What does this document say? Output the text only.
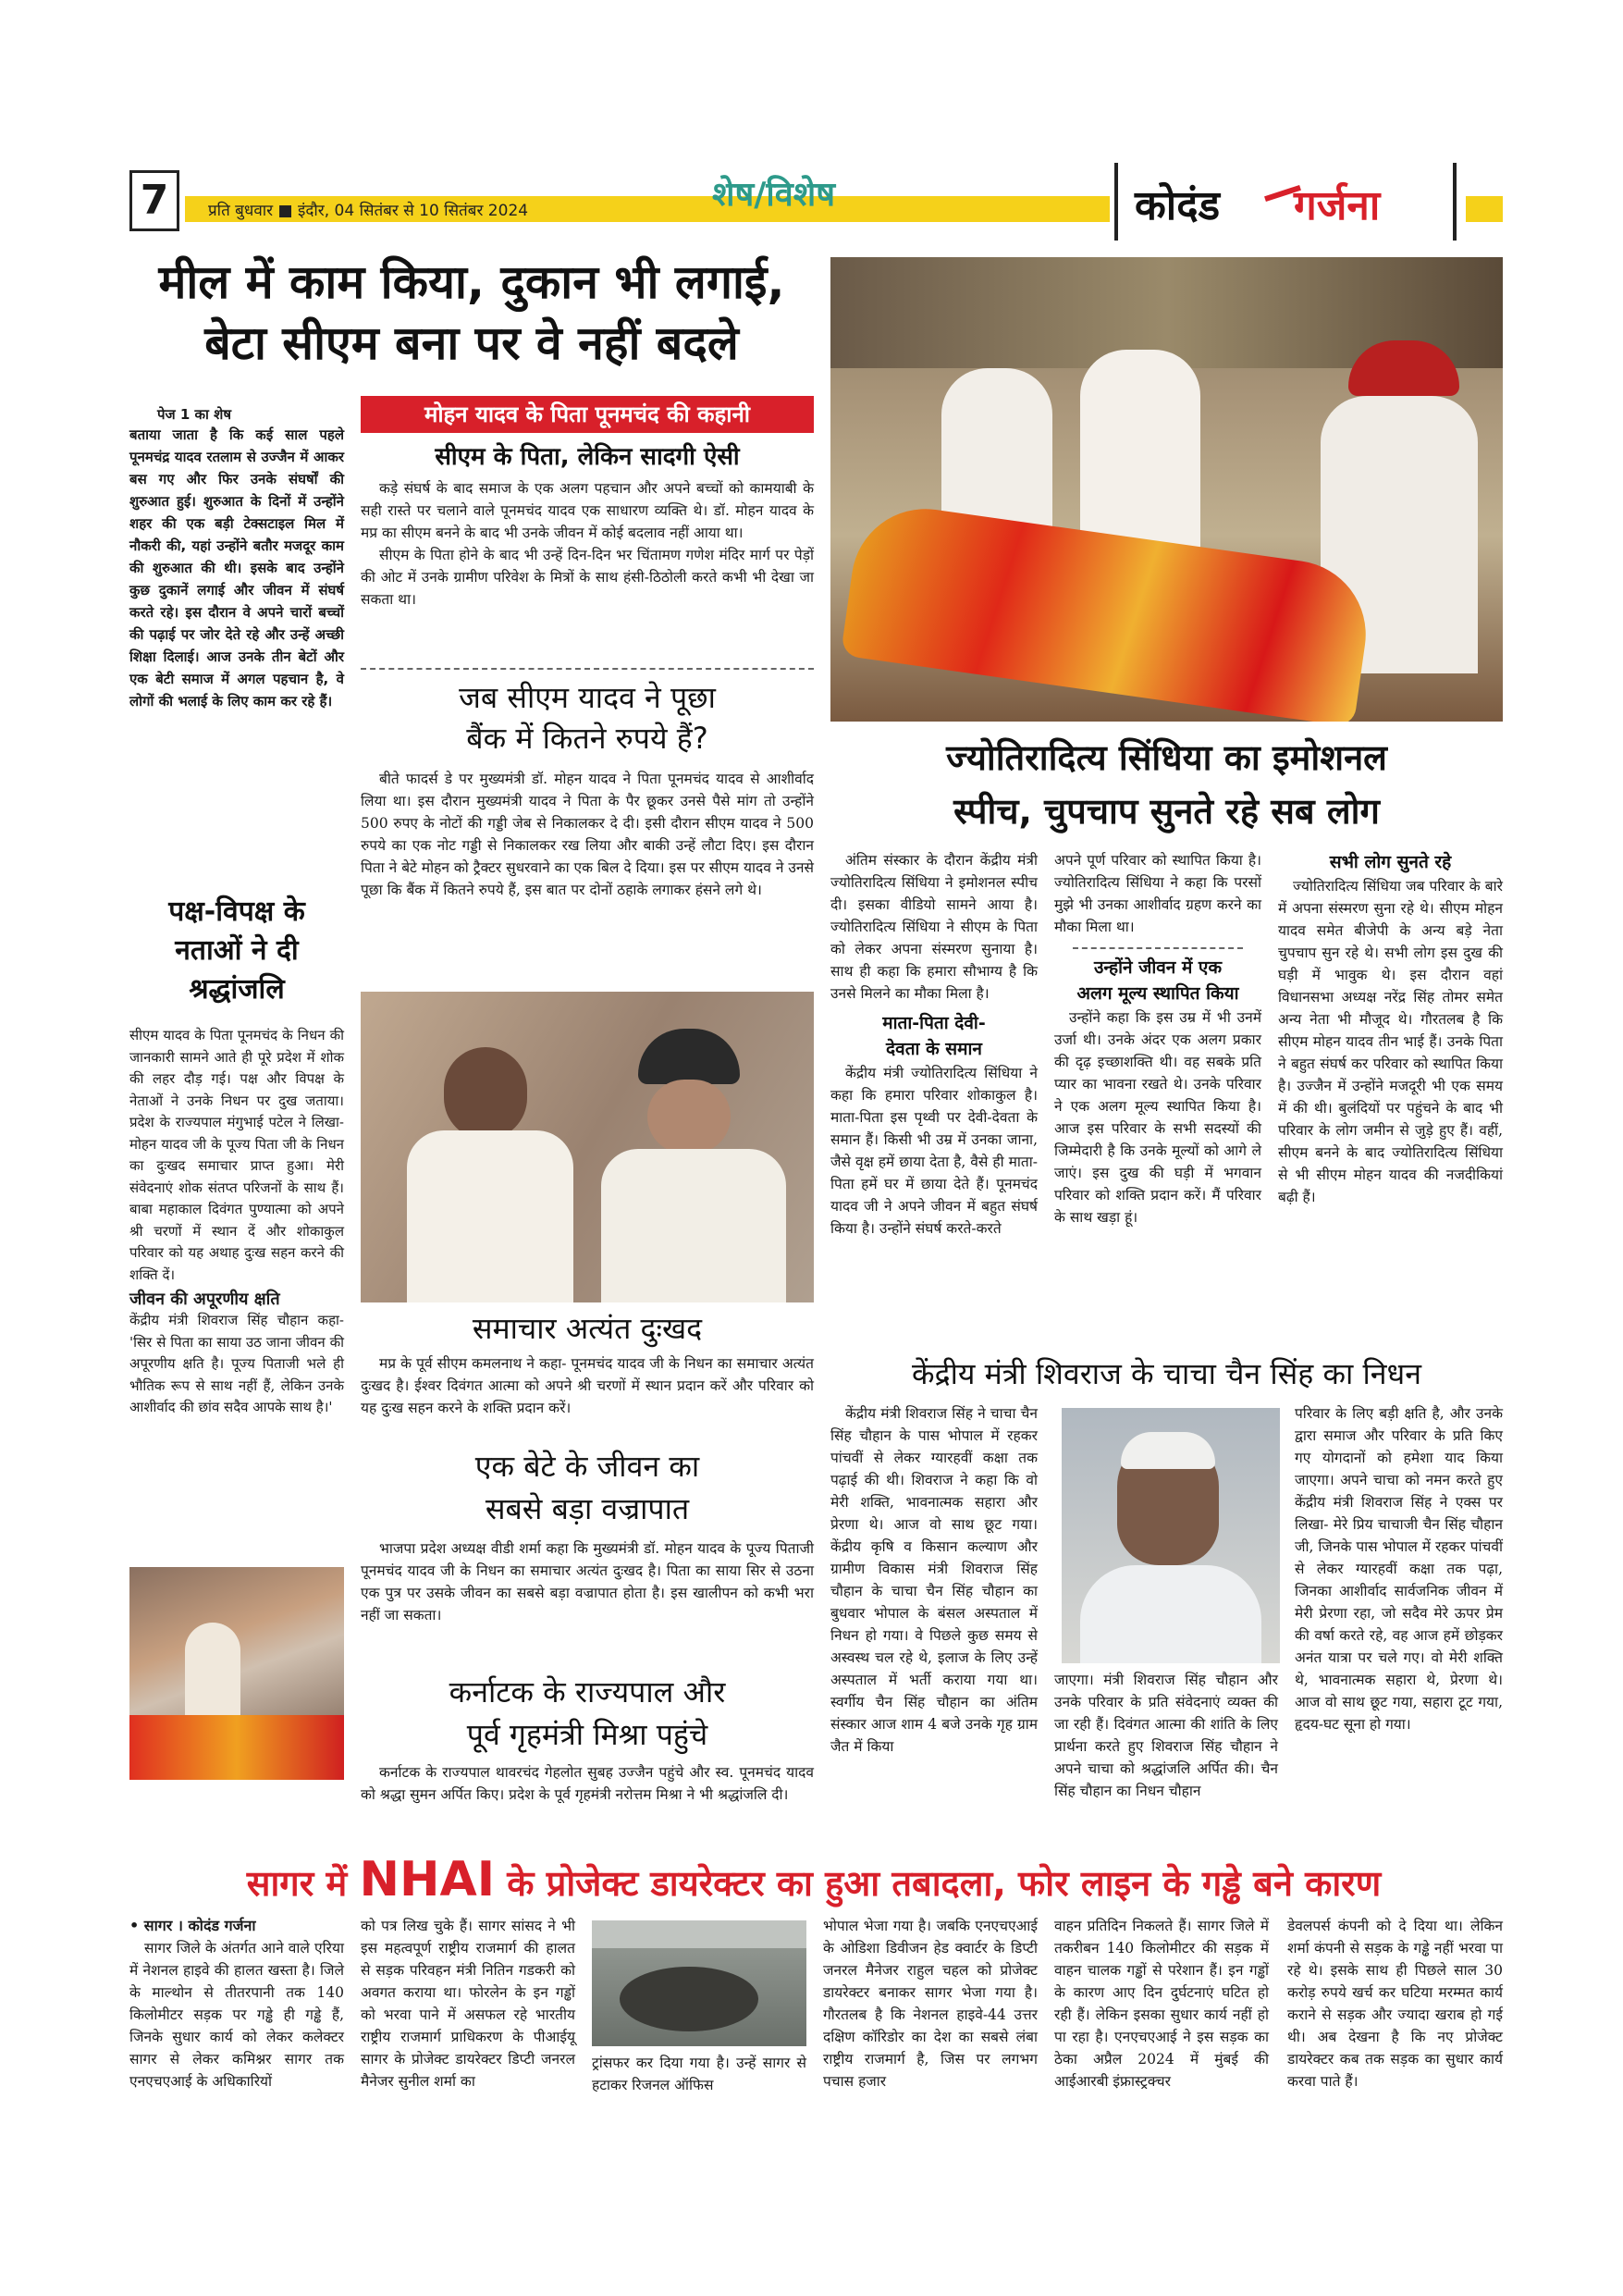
7	प्रति बुधवार ■ इंदौर, 04 सितंबर से 10 सितंबर 2024	शेष/विशेष	कोदंड गर्जना
मील में काम किया, दुकान भी लगाई,
बेटा सीएम बना पर वे नहीं बदले
मोहन यादव के पिता पूनमचंद की कहानी
पेज 1 का शेष

बताया जाता है कि कई साल पहले पूनमचंद्र यादव रतलाम से उज्जैन में आकर बस गए और फिर उनके संघर्षों की शुरुआत हुई। शुरुआत के दिनों में उन्होंने शहर की एक बड़ी टेक्सटाइल मिल में नौकरी की, यहां उन्होंने बतौर मजदूर काम की शुरुआत की थी। इसके बाद उन्होंने कुछ दुकानें लगाई और जीवन में संघर्ष करते रहे। इस दौरान वे अपने चारों बच्चों की पढ़ाई पर जोर देते रहे और उन्हें अच्छी शिक्षा दिलाई। आज उनके तीन बेटों और एक बेटी समाज में अगल पहचान है, वे लोगों की भलाई के लिए काम कर रहे हैं।

पक्ष-विपक्ष के
नताओं ने दी
श्रद्धांजलि

सीएम यादव के पिता पूनमचंद के निधन की जानकारी सामने आते ही पूरे प्रदेश में शोक की लहर दौड़ गई। पक्ष और विपक्ष के नेताओं ने उनके निधन पर दुख जताया। प्रदेश के राज्यपाल मंगुभाई पटेल ने लिखा- मोहन यादव जी के पूज्य पिता जी के निधन का दुःखद समाचार प्राप्त हुआ। मेरी संवेदनाएं शोक संतप्त परिजनों के साथ हैं। बाबा महाकाल दिवंगत पुण्यात्मा को अपने श्री चरणों में स्थान दें और शोकाकुल परिवार को यह अथाह दुःख सहन करने की शक्ति दें।

जीवन की अपूरणीय क्षति

केंद्रीय मंत्री शिवराज सिंह चौहान कहा- 'सिर से पिता का साया उठ जाना जीवन की अपूरणीय क्षति है। पूज्य पिताजी भले ही भौतिक रूप से साथ नहीं हैं, लेकिन उनके आशीर्वाद की छांव सदैव आपके साथ है।'

सीएम के पिता, लेकिन सादगी ऐसी

कड़े संघर्ष के बाद समाज के एक अलग पहचान और अपने बच्चों को कामयाबी के सही रास्ते पर चलाने वाले पूनमचंद यादव एक साधारण व्यक्ति थे। डॉ. मोहन यादव के मप्र का सीएम बनने के बाद भी उनके जीवन में कोई बदलाव नहीं आया था।

सीएम के पिता होने के बाद भी उन्हें दिन-दिन भर चिंतामण गणेश मंदिर मार्ग पर पेड़ों की ओट में उनके ग्रामीण परिवेश के मित्रों के साथ हंसी-ठिठोली करते कभी भी देखा जा सकता था।

जब सीएम यादव ने पूछा
बैंक में कितने रुपये हैं?

बीते फादर्स डे पर मुख्यमंत्री डॉ. मोहन यादव ने पिता पूनमचंद यादव से आशीर्वाद लिया था। इस दौरान मुख्यमंत्री यादव ने पिता के पैर छूकर उनसे पैसे मांग तो उन्होंने 500 रुपए के नोटों की गड्डी जेब से निकालकर दे दी। इसी दौरान सीएम यादव ने 500 रुपये का एक नोट गड्डी से निकालकर रख लिया और बाकी उन्हें लौटा दिए। इस दौरान पिता ने बेटे मोहन को ट्रैक्टर सुधरवाने का एक बिल दे दिया। इस पर सीएम यादव ने उनसे पूछा कि बैंक में कितने रुपये हैं, इस बात पर दोनों ठहाके लगाकर हंसने लगे थे।

समाचार अत्यंत दुःखद

मप्र के पूर्व सीएम कमलनाथ ने कहा- पूनमचंद यादव जी के निधन का समाचार अत्यंत दुःखद है। ईश्वर दिवंगत आत्मा को अपने श्री चरणों में स्थान प्रदान करें और परिवार को यह दुःख सहन करने के शक्ति प्रदान करें।

एक बेटे के जीवन का
सबसे बड़ा वज्रापात

भाजपा प्रदेश अध्यक्ष वीडी शर्मा कहा कि मुख्यमंत्री डॉ. मोहन यादव के पूज्य पिताजी पूनमचंद यादव जी के निधन का समाचार अत्यंत दुःखद है। पिता का साया सिर से उठना एक पुत्र पर उसके जीवन का सबसे बड़ा वज्रापात होता है। इस खालीपन को कभी भरा नहीं जा सकता।

कर्नाटक के राज्यपाल और
पूर्व गृहमंत्री मिश्रा पहुंचे

कर्नाटक के राज्यपाल थावरचंद गेहलोत सुबह उज्जैन पहुंचे और स्व. पूनमचंद यादव को श्रद्धा सुमन अर्पित किए। प्रदेश के पूर्व गृहमंत्री नरोत्तम मिश्रा ने भी श्रद्धांजलि दी।

ज्योतिरादित्य सिंधिया का इमोशनल
स्पीच, चुपचाप सुनते रहे सब लोग

अंतिम संस्कार के दौरान केंद्रीय मंत्री ज्योतिरादित्य सिंधिया ने इमोशनल स्पीच दी। इसका वीडियो सामने आया है। ज्योतिरादित्य सिंधिया ने सीएम के पिता को लेकर अपना संस्मरण सुनाया है। साथ ही कहा कि हमारा सौभाग्य है कि उनसे मिलने का मौका मिला है।

माता-पिता देवी-
देवता के समान

केंद्रीय मंत्री ज्योतिरादित्य सिंधिया ने कहा कि हमारा परिवार शोकाकुल है। माता-पिता इस पृथ्वी पर देवी-देवता के समान हैं। किसी भी उम्र में उनका जाना, जैसे वृक्ष हमें छाया देता है, वैसे ही माता-पिता हमें घर में छाया देते हैं। पूनमचंद यादव जी ने अपने जीवन में बहुत संघर्ष किया है। उन्होंने संघर्ष करते-करते

अपने पूर्ण परिवार को स्थापित किया है। ज्योतिरादित्य सिंधिया ने कहा कि परसों मुझे भी उनका आशीर्वाद ग्रहण करने का मौका मिला था।

उन्होंने जीवन में एक
अलग मूल्य स्थापित किया

उन्होंने कहा कि इस उम्र में भी उनमें उर्जा थी। उनके अंदर एक अलग प्रकार की दृढ़ इच्छाशक्ति थी। वह सबके प्रति प्यार का भावना रखते थे। उनके परिवार ने एक अलग मूल्य स्थापित किया है। आज इस परिवार के सभी सदस्यों की जिम्मेदारी है कि उनके मूल्यों को आगे ले जाएं। इस दुख की घड़ी में भगवान परिवार को शक्ति प्रदान करें। मैं परिवार के साथ खड़ा हूं।

सभी लोग सुनते रहे

ज्योतिरादित्य सिंधिया जब परिवार के बारे में अपना संस्मरण सुना रहे थे। सीएम मोहन यादव समेत बीजेपी के अन्य बड़े नेता चुपचाप सुन रहे थे। सभी लोग इस दुख की घड़ी में भावुक थे। इस दौरान वहां विधानसभा अध्यक्ष नरेंद्र सिंह तोमर समेत अन्य नेता भी मौजूद थे। गौरतलब है कि सीएम मोहन यादव तीन भाई हैं। उनके पिता ने बहुत संघर्ष कर परिवार को स्थापित किया है। उज्जैन में उन्होंने मजदूरी भी एक समय में की थी। बुलंदियों पर पहुंचने के बाद भी परिवार के लोग जमीन से जुड़े हुए हैं। वहीं, सीएम बनने के बाद ज्योतिरादित्य सिंधिया से भी सीएम मोहन यादव की नजदीकियां बढ़ी हैं।

केंद्रीय मंत्री शिवराज के चाचा चैन सिंह का निधन

केंद्रीय मंत्री शिवराज सिंह ने चाचा चैन सिंह चौहान के पास भोपाल में रहकर पांचवीं से लेकर ग्यारहवीं कक्षा तक पढ़ाई की थी। शिवराज ने कहा कि वो मेरी शक्ति, भावनात्मक सहारा और प्रेरणा थे। आज वो साथ छूट गया। केंद्रीय कृषि व किसान कल्याण और ग्रामीण विकास मंत्री शिवराज सिंह चौहान के चाचा चैन सिंह चौहान का बुधवार भोपाल के बंसल अस्पताल में निधन हो गया। वे पिछले कुछ समय से अस्वस्थ चल रहे थे, इलाज के लिए उन्हें अस्पताल में भर्ती कराया गया था। स्वर्गीय चैन सिंह चौहान का अंतिम संस्कार आज शाम 4 बजे उनके गृह ग्राम जैत में किया

जाएगा। मंत्री शिवराज सिंह चौहान और उनके परिवार के प्रति संवेदनाएं व्यक्त की जा रही हैं। दिवंगत आत्मा की शांति के लिए प्रार्थना करते हुए शिवराज सिंह चौहान ने अपने चाचा को श्रद्धांजलि अर्पित की। चैन सिंह चौहान का निधन चौहान

परिवार के लिए बड़ी क्षति है, और उनके द्वारा समाज और परिवार के प्रति किए गए योगदानों को हमेशा याद किया जाएगा। अपने चाचा को नमन करते हुए केंद्रीय मंत्री शिवराज सिंह ने एक्स पर लिखा- मेरे प्रिय चाचाजी चैन सिंह चौहान जी, जिनके पास भोपाल में रहकर पांचवीं से लेकर ग्यारहवीं कक्षा तक पढ़ा, जिनका आशीर्वाद सार्वजनिक जीवन में मेरी प्रेरणा रहा, जो सदैव मेरे ऊपर प्रेम की वर्षा करते रहे, वह आज हमें छोड़कर अनंत यात्रा पर चले गए। वो मेरी शक्ति थे, भावनात्मक सहारा थे, प्रेरणा थे। आज वो साथ छूट गया, सहारा टूट गया, हृदय-घट सूना हो गया।

सागर में NHAI के प्रोजेक्ट डायरेक्टर का हुआ तबादला, फोर लाइन के गड्ढे बने कारण
• सागर । कोदंड गर्जना

सागर जिले के अंतर्गत आने वाले एरिया में नेशनल हाइवे की हालत खस्ता है। जिले के माल्थोन से तीतरपानी तक 140 किलोमीटर सड़क पर गड्ढे ही गड्ढे हैं, जिनके सुधार कार्य को लेकर कलेक्टर सागर से लेकर कमिश्नर सागर तक एनएचएआई के अधिकारियों

को पत्र लिख चुके हैं। सागर सांसद ने भी इस महत्वपूर्ण राष्ट्रीय राजमार्ग की हालत से सड़क परिवहन मंत्री नितिन गडकरी को अवगत कराया था। फोरलेन के इन गड्ढों को भरवा पाने में असफल रहे भारतीय राष्ट्रीय राजमार्ग प्राधिकरण के पीआईयू सागर के प्रोजेक्ट डायरेक्टर डिप्टी जनरल मैनेजर सुनील शर्मा का

ट्रांसफर कर दिया गया है। उन्हें सागर से हटाकर रिजनल ऑफिस

भोपाल भेजा गया है। जबकि एनएचएआई के ओडिशा डिवीजन हेड क्वार्टर के डिप्टी जनरल मैनेजर राहुल चहल को प्रोजेक्ट डायरेक्टर बनाकर सागर भेजा गया है। गौरतलब है कि नेशनल हाइवे-44 उत्तर दक्षिण कॉरिडोर का देश का सबसे लंबा राष्ट्रीय राजमार्ग है, जिस पर लगभग पचास हजार

वाहन प्रतिदिन निकलते हैं। सागर जिले में तकरीबन 140 किलोमीटर की सड़क में वाहन चालक गड्ढों से परेशान हैं। इन गड्ढों के कारण आए दिन दुर्घटनाएं घटित हो रही हैं। लेकिन इसका सुधार कार्य नहीं हो पा रहा है। एनएचएआई ने इस सड़क का ठेका अप्रैल 2024 में मुंबई की आईआरबी इंफ्रास्ट्रक्चर

डेवलपर्स कंपनी को दे दिया था। लेकिन शर्मा कंपनी से सड़क के गड्ढे नहीं भरवा पा रहे थे। इसके साथ ही पिछले साल 30 करोड़ रुपये खर्च कर घटिया मरम्मत कार्य कराने से सड़क और ज्यादा खराब हो गई थी। अब देखना है कि नए प्रोजेक्ट डायरेक्टर कब तक सड़क का सुधार कार्य करवा पाते हैं।
